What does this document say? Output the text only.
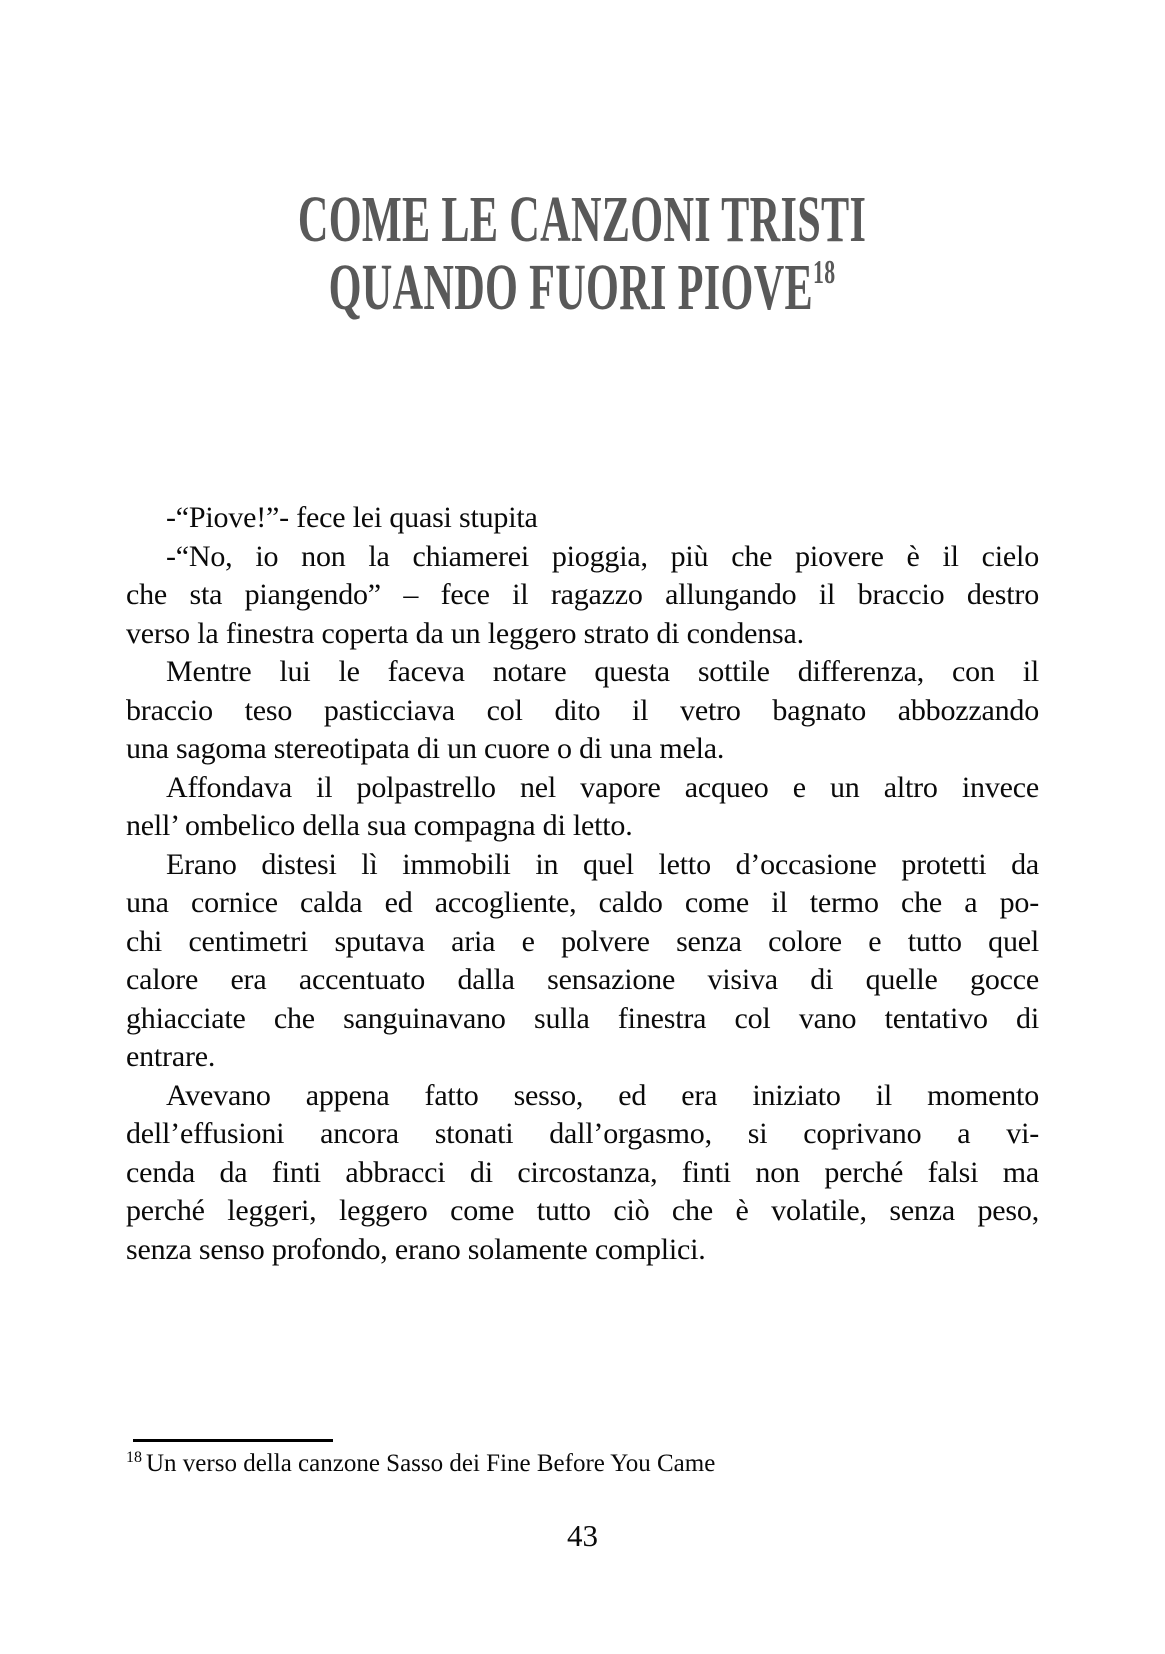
COME LE CANZONI TRISTI
QUANDO FUORI PIOVE$^{18}$
-“Piove!”- fece lei quasi stupita
-“No, io non la chiamerei pioggia, più che piovere è il cielo
che sta piangendo” – fece il ragazzo allungando il braccio destro
verso la finestra coperta da un leggero strato di condensa.
Mentre lui le faceva notare questa sottile differenza, con il
braccio teso pasticciava col dito il vetro bagnato abbozzando
una sagoma stereotipata di un cuore o di una mela.
Affondava il polpastrello nel vapore acqueo e un altro invece
nell’ ombelico della sua compagna di letto.
Erano distesi lì immobili in quel letto d’occasione protetti da
una cornice calda ed accogliente, caldo come il termo che a po-
chi centimetri sputava aria e polvere senza colore e tutto quel
calore era accentuato dalla sensazione visiva di quelle gocce
ghiacciate che sanguinavano sulla finestra col vano tentativo di
entrare.
Avevano appena fatto sesso, ed era iniziato il momento
dell’effusioni ancora stonati dall’orgasmo, si coprivano a vi-
cenda da finti abbracci di circostanza, finti non perché falsi ma
perché leggeri, leggero come tutto ciò che è volatile, senza peso,
senza senso profondo, erano solamente complici.
$^{18}$ Un verso della canzone Sasso dei Fine Before You Came
43
